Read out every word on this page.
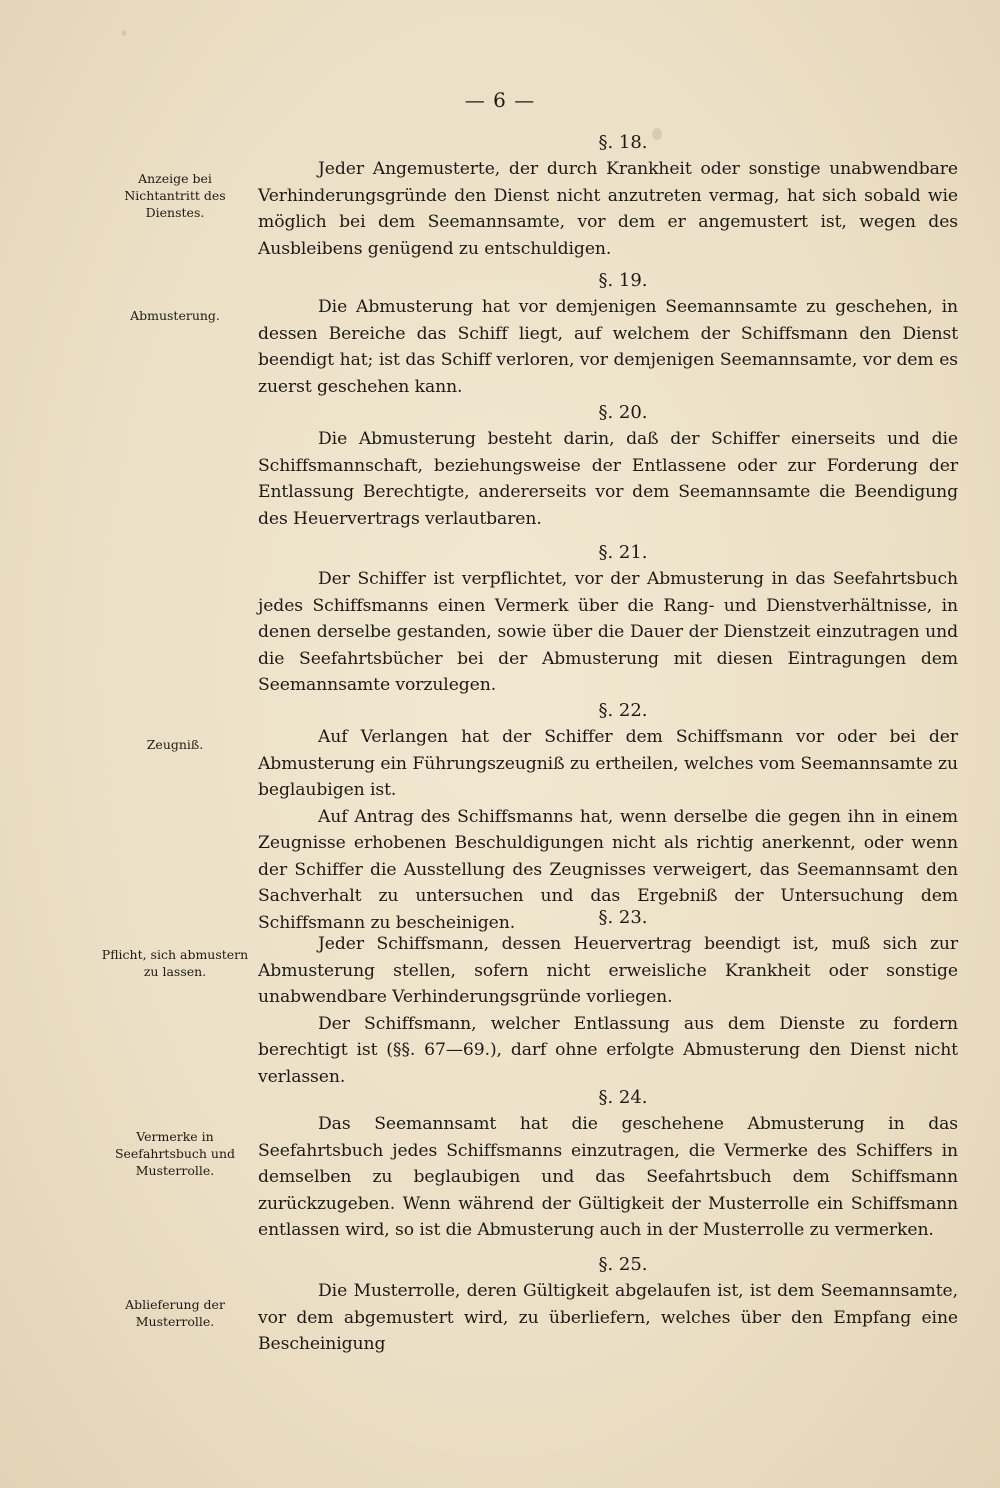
— 6 —
Anzeige bei Nichtantritt des Dienstes.
Abmusterung.
Zeugniß.
Pflicht, sich abmustern zu lassen.
Vermerke in Seefahrtsbuch und Musterrolle.
Ablieferung der Musterrolle.
§. 18.

Jeder Angemusterte, der durch Krankheit oder sonstige unabwendbare Verhinderungsgründe den Dienst nicht anzutreten vermag, hat sich sobald wie möglich bei dem Seemannsamte, vor dem er angemustert ist, wegen des Ausbleibens genügend zu entschuldigen.

§. 19.

Die Abmusterung hat vor demjenigen Seemannsamte zu geschehen, in dessen Bereiche das Schiff liegt, auf welchem der Schiffsmann den Dienst beendigt hat; ist das Schiff verloren, vor demjenigen Seemannsamte, vor dem es zuerst geschehen kann.

§. 20.

Die Abmusterung besteht darin, daß der Schiffer einerseits und die Schiffsmannschaft, beziehungsweise der Entlassene oder zur Forderung der Entlassung Berechtigte, andererseits vor dem Seemannsamte die Beendigung des Heuervertrags verlautbaren.

§. 21.

Der Schiffer ist verpflichtet, vor der Abmusterung in das Seefahrtsbuch jedes Schiffsmanns einen Vermerk über die Rang- und Dienstverhältnisse, in denen derselbe gestanden, sowie über die Dauer der Dienstzeit einzutragen und die Seefahrtsbücher bei der Abmusterung mit diesen Eintragungen dem Seemannsamte vorzulegen.

§. 22.

Auf Verlangen hat der Schiffer dem Schiffsmann vor oder bei der Abmusterung ein Führungszeugniß zu ertheilen, welches vom Seemannsamte zu beglaubigen ist.

Auf Antrag des Schiffsmanns hat, wenn derselbe die gegen ihn in einem Zeugnisse erhobenen Beschuldigungen nicht als richtig anerkennt, oder wenn der Schiffer die Ausstellung des Zeugnisses verweigert, das Seemannsamt den Sachverhalt zu untersuchen und das Ergebniß der Untersuchung dem Schiffsmann zu bescheinigen.	§. 23.

Jeder Schiffsmann, dessen Heuervertrag beendigt ist, muß sich zur Abmusterung stellen, sofern nicht erweisliche Krankheit oder sonstige unabwendbare Verhinderungsgründe vorliegen.

Der Schiffsmann, welcher Entlassung aus dem Dienste zu fordern berechtigt ist (§§. 67—69.), darf ohne erfolgte Abmusterung den Dienst nicht verlassen.

§. 24.

Das Seemannsamt hat die geschehene Abmusterung in das Seefahrtsbuch jedes Schiffsmanns einzutragen, die Vermerke des Schiffers in demselben zu beglaubigen und das Seefahrtsbuch dem Schiffsmann zurückzugeben. Wenn während der Gültigkeit der Musterrolle ein Schiffsmann entlassen wird, so ist die Abmusterung auch in der Musterrolle zu vermerken.

§. 25.

Die Musterrolle, deren Gültigkeit abgelaufen ist, ist dem Seemannsamte, vor dem abgemustert wird, zu überliefern, welches über den Empfang eine Bescheinigung
